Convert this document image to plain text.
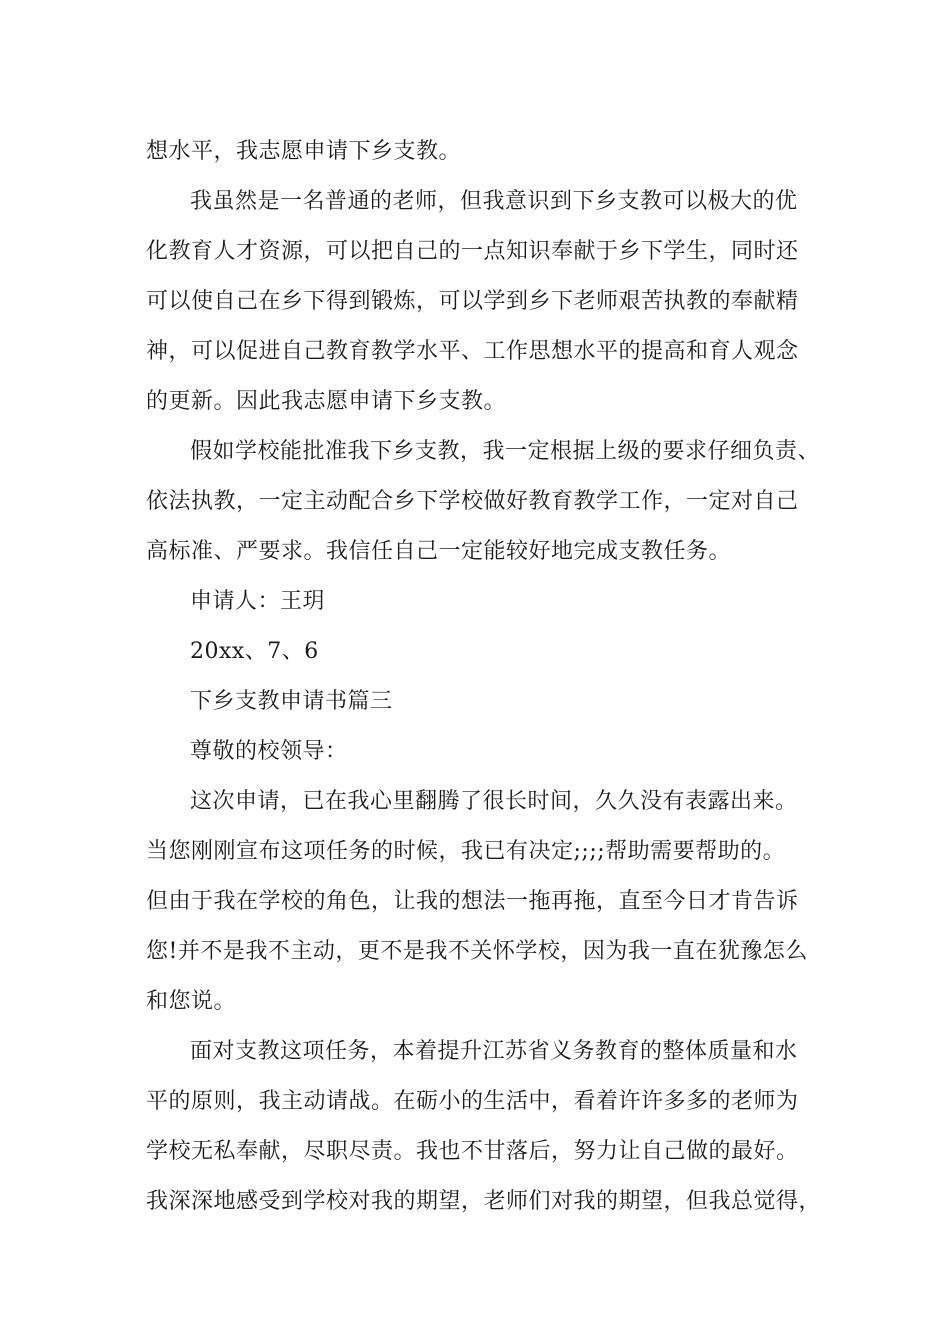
想水平，我志愿申请下乡支教。

我虽然是一名普通的老师，但我意识到下乡支教可以极大的优
化教育人才资源，可以把自己的一点知识奉献于乡下学生，同时还
可以使自己在乡下得到锻炼，可以学到乡下老师艰苦执教的奉献精
神，可以促进自己教育教学水平、工作思想水平的提高和育人观念
的更新。因此我志愿申请下乡支教。

假如学校能批准我下乡支教，我一定根据上级的要求仔细负责、
依法执教，一定主动配合乡下学校做好教育教学工作，一定对自己
高标准、严要求。我信任自己一定能较好地完成支教任务。

申请人：王玥

20xx、7、6

下乡支教申请书篇三

尊敬的校领导：

这次申请，已在我心里翻腾了很长时间，久久没有表露出来。
当您刚刚宣布这项任务的时候，我已有决定;;;;帮助需要帮助的。
但由于我在学校的角色，让我的想法一拖再拖，直至今日才肯告诉
您!并不是我不主动，更不是我不关怀学校，因为我一直在犹豫怎么
和您说。

面对支教这项任务，本着提升江苏省义务教育的整体质量和水
平的原则，我主动请战。在砺小的生活中，看着许许多多的老师为
学校无私奉献，尽职尽责。我也不甘落后，努力让自己做的最好。
我深深地感受到学校对我的期望，老师们对我的期望，但我总觉得，
